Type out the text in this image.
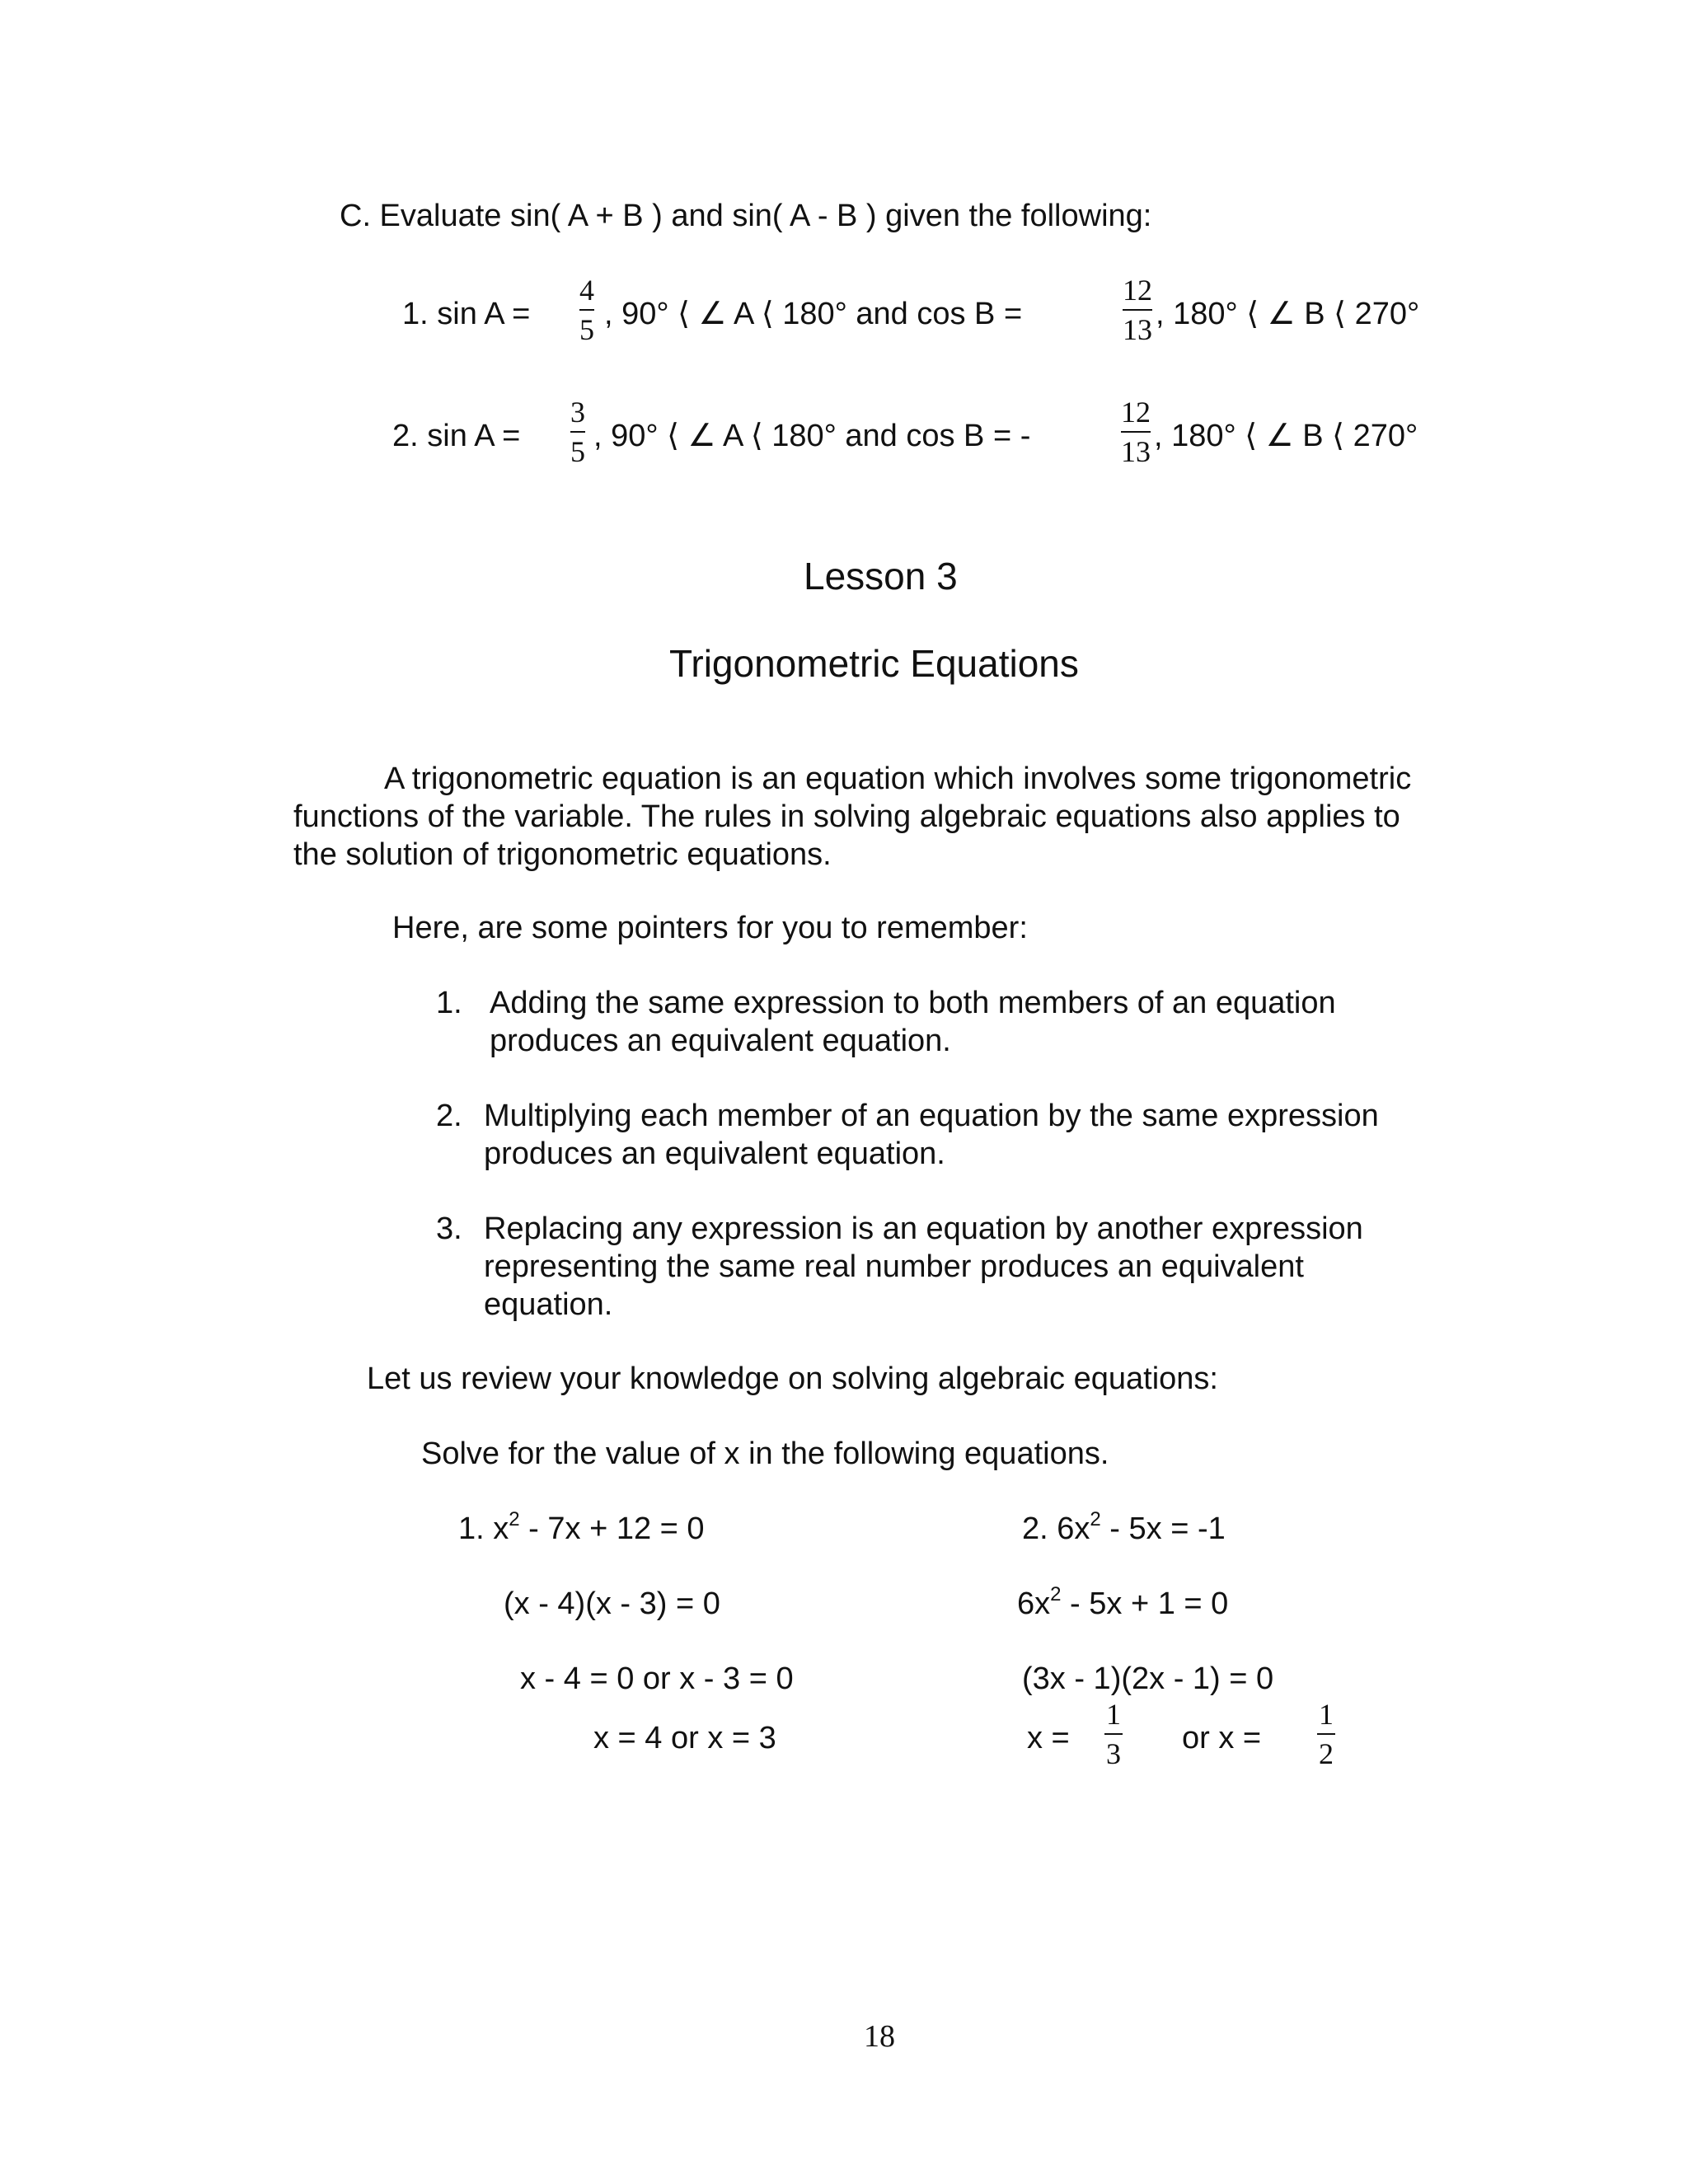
C. Evaluate sin( A + B ) and sin( A - B ) given the following:
1. sin A =
4
5 , 90° ⟨ ∠ A ⟨ 180° and cos B =
12
13 , 180° ⟨ ∠ B ⟨ 270°
2. sin A =
3
5 , 90° ⟨ ∠ A ⟨ 180° and cos B = -
12
13 , 180° ⟨ ∠ B ⟨ 270°
Lesson 3
Trigonometric Equations
A trigonometric equation is an equation which involves some trigonometric
functions of the variable. The rules in solving algebraic equations also applies to
the solution of trigonometric equations.
Here, are some pointers for you to remember:
1. Adding the same expression to both members of an equation
produces an equivalent equation.
2. Multiplying each member of an equation by the same expression
produces an equivalent equation.
3. Replacing any expression is an equation by another expression
representing the same real number produces an equivalent
equation.
Let us review your knowledge on solving algebraic equations:
Solve for the value of x in the following equations.
1. $x^2 - 7x + 12 = 0$
(x - 4)(x - 3) = 0
x - 4 = 0 or x - 3 = 0
x = 4 or x = 3
2. $6x^2 - 5x = -1$
$6x^2 - 5x + 1 = 0$
(3x - 1)(2x - 1) = 0
x =
1
3 or x =
1
2
18
